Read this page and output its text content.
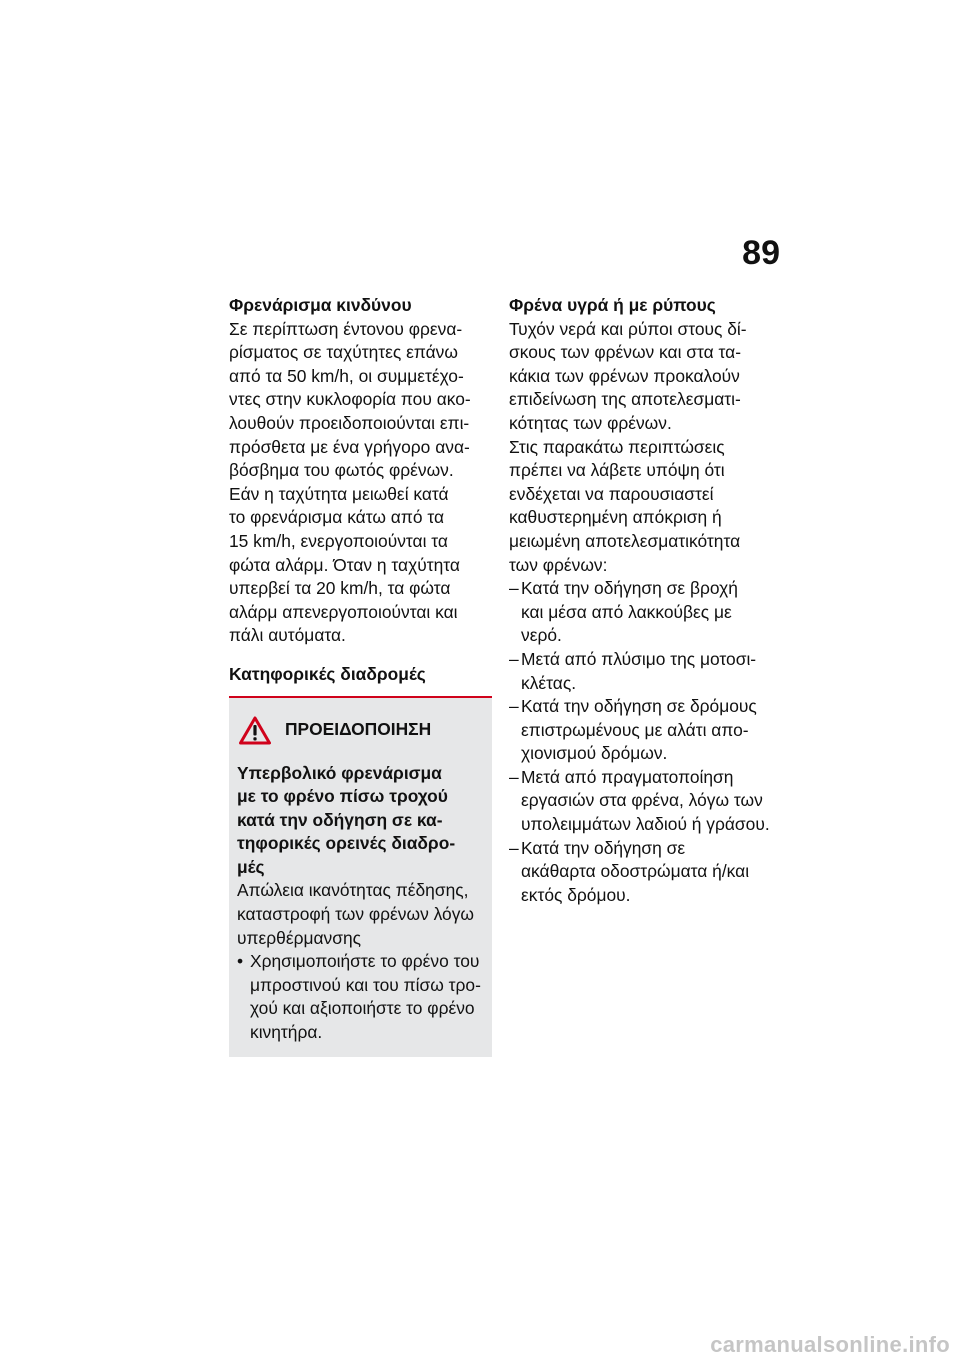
89

Φρενάρισμα κινδύνου

Σε περίπτωση έντονου φρενα-
ρίσματος σε ταχύτητες επάνω
από τα 50 km/h, οι συμμετέχο-
ντες στην κυκλοφορία που ακο-
λουθούν προειδοποιούνται επι-
πρόσθετα με ένα γρήγορο ανα-
βόσβημα του φωτός φρένων.
Εάν η ταχύτητα μειωθεί κατά
το φρενάρισμα κάτω από τα
15 km/h, ενεργοποιούνται τα
φώτα αλάρμ. Όταν η ταχύτητα
υπερβεί τα 20 km/h, τα φώτα
αλάρμ απενεργοποιούνται και
πάλι αυτόματα.

Κατηφορικές διαδρομές

ΠΡΟΕΙΔΟΠΟΙΗΣΗ
Υπερβολικό φρενάρισμα
με το φρένο πίσω τροχού
κατά την οδήγηση σε κα-
τηφορικές ορεινές διαδρο-
μές
Απώλεια ικανότητας πέδησης,
καταστροφή των φρένων λόγω
υπερθέρμανσης
• Χρησιμοποιήστε το φρένο του
μπροστινού και του πίσω τρο-
χού και αξιοποιήστε το φρένο
κινητήρα.

Φρένα υγρά ή με ρύπους

Τυχόν νερά και ρύποι στους δί-
σκους των φρένων και στα τα-
κάκια των φρένων προκαλούν
επιδείνωση της αποτελεσματι-
κότητας των φρένων.
Στις παρακάτω περιπτώσεις
πρέπει να λάβετε υπόψη ότι
ενδέχεται να παρουσιαστεί
καθυστερημένη απόκριση ή
μειωμένη αποτελεσματικότητα
των φρένων:

– Κατά την οδήγηση σε βροχή
και μέσα από λακκούβες με
νερό.
– Μετά από πλύσιμο της μοτοσι-
κλέτας.
– Κατά την οδήγηση σε δρόμους
επιστρωμένους με αλάτι απο-
χιονισμού δρόμων.
– Μετά από πραγματοποίηση
εργασιών στα φρένα, λόγω των
υπολειμμάτων λαδιού ή γράσου.
– Κατά την οδήγηση σε
ακάθαρτα οδοστρώματα ή/και
εκτός δρόμου.
carmanualsonline.info
